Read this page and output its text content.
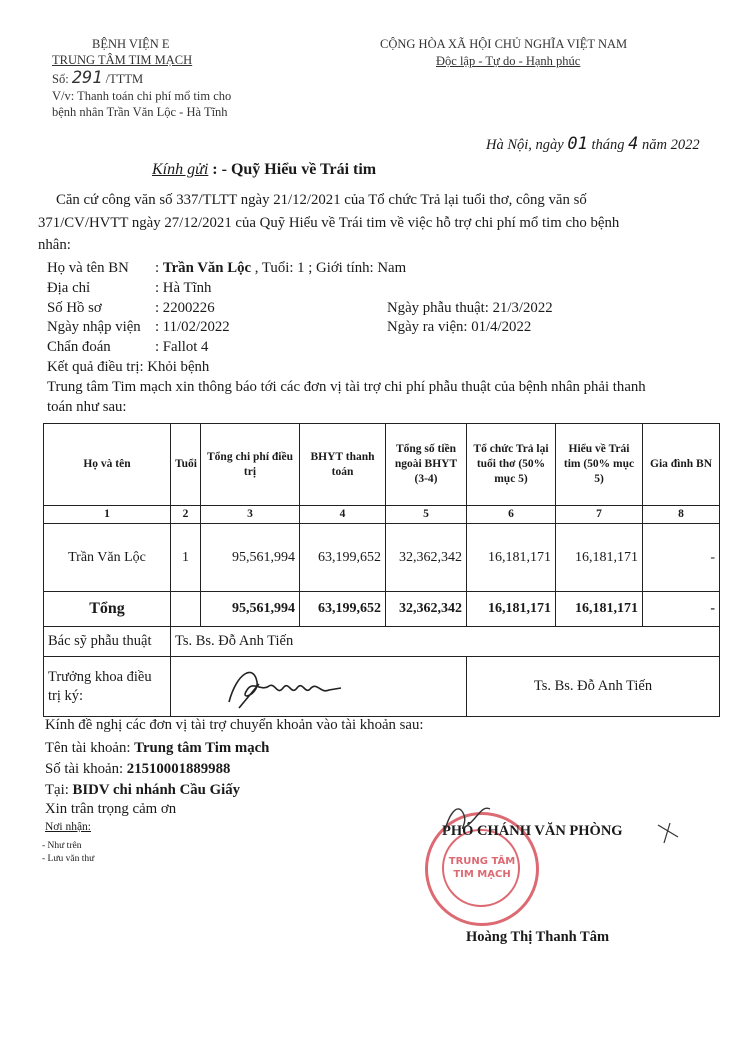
BỆNH VIỆN E
TRUNG TÂM TIM MẠCH
Số: 291 /TTTM
V/v: Thanh toán chi phí mổ tim cho
bệnh nhân Trần Văn Lộc - Hà Tĩnh
CỘNG HÒA XÃ HỘI CHỦ NGHĨA VIỆT NAM
Độc lập - Tự do - Hạnh phúc
Hà Nội, ngày 01 tháng 4 năm 2022
Kính gửi : - Quỹ Hiểu về Trái tim
Căn cứ công văn số 337/TLTT ngày 21/12/2021 của Tổ chức Trả lại tuổi thơ, công văn số
371/CV/HVTT ngày 27/12/2021 của Quỹ Hiểu về Trái tim về việc hỗ trợ chi phí mổ tim cho bệnh
nhân:
Họ và tên BN : Trần Văn Lộc , Tuổi: 1 ; Giới tính: Nam
Địa chỉ	: Hà Tĩnh
Số Hồ sơ	: 2200226	Ngày phẫu thuật: 21/3/2022
Ngày nhập viện : 11/02/2022	Ngày ra viện: 01/4/2022
Chẩn đoán	: Fallot 4
Kết quả điều trị: Khỏi bệnh
Trung tâm Tim mạch xin thông báo tới các đơn vị tài trợ chi phí phẫu thuật của bệnh nhân phải thanh
toán như sau:
Họ và tên	Tuổi	Tổng chi phí điều trị	BHYT thanh toán	Tổng số tiền ngoài BHYT (3-4)	Tổ chức Trả lại tuổi thơ (50% mục 5)	Hiểu về Trái tim (50% mục 5)	Gia đình BN
1	2	3	4	5	6	7	8
Trần Văn Lộc	1	95,561,994	63,199,652	32,362,342	16,181,171	16,181,171	-
Tổng		95,561,994	63,199,652	32,362,342	16,181,171	16,181,171	-
Bác sỹ phẫu thuật	Ts. Bs. Đỗ Anh Tiến						

Trưởng khoa điều
trị ký:					Ts. Bs. Đỗ Anh Tiến		
Kính đề nghị các đơn vị tài trợ chuyển khoản vào tài khoản sau:
Tên tài khoản: Trung tâm Tim mạch
Số tài khoản: 21510001889988
Tại: BIDV chi nhánh Cầu Giấy
Xin trân trọng cảm ơn
Nơi nhận:
- Như trên
- Lưu văn thư	TRUNG TÂM
TIM MẠCH
PHÓ CHÁNH VĂN PHÒNG
Hoàng Thị Thanh Tâm
